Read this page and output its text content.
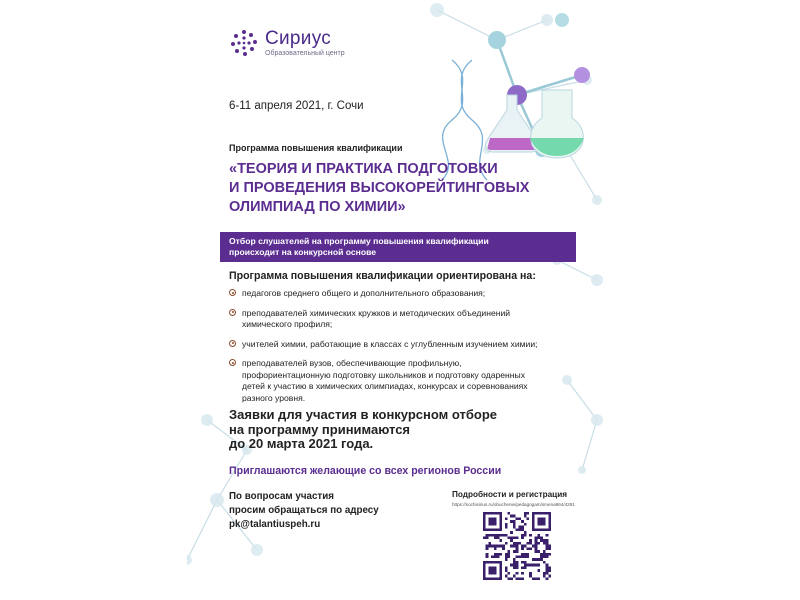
Сириус
Образовательный центр
6-11 апреля 2021, г. Сочи
Программа повышения квалификации
«ТЕОРИЯ И ПРАКТИКА ПОДГОТОВКИ
И ПРОВЕДЕНИЯ ВЫСОКОРЕЙТИНГОВЫХ
ОЛИМПИАД ПО ХИМИИ»
Отбор слушателей на программу повышения квалификации
происходит на конкурсной основе
Программа повышения квалификации ориентирована на:
педагогов среднего общего и дополнительного образования;
преподавателей химических кружков и методических объединений
химического профиля;
учителей химии, работающие в классах с углубленным изучением химии;
преподавателей вузов, обеспечивающие профильную,
профориентационную подготовку школьников и подготовку одаренных
детей к участию в химических олимпиадах, конкурсах и соревнованиях
разного уровня.
Заявки для участия в конкурсном отборе
на программу принимаются
до 20 марта 2021 года.
Приглашаются желающие со всех регионов России
По вопросам участия
просим обращаться по адресу
pk@talantiuspeh.ru
Подробности и регистрация
https://sochisirius.ru/obuchenie/pedagogam/smena864/4291
